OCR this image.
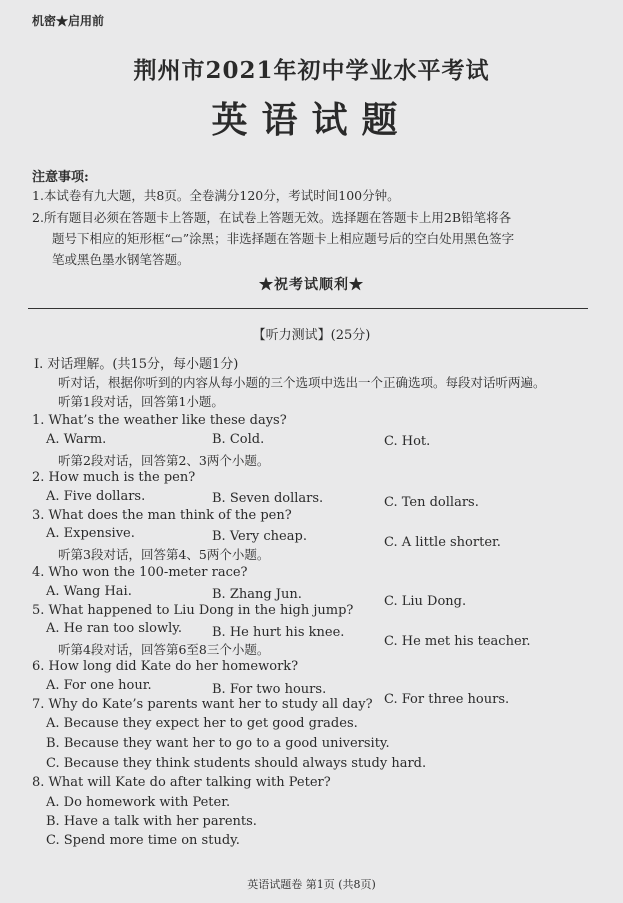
机密★启用前
荆州市2021年初中学业水平考试
英语试题
注意事项:
1.本试卷有九大题，共8页。全卷满分120分，考试时间100分钟。
2.所有题目必须在答题卡上答题，在试卷上答题无效。选择题在答题卡上用2B铅笔将各
题号下相应的矩形框“▭”涂黑；非选择题在答题卡上相应题号后的空白处用黑色签字
笔或黑色墨水钢笔答题。
★祝考试顺利★
【听力测试】(25分)
Ⅰ. 对话理解。(共15分，每小题1分)
听对话，根据你听到的内容从每小题的三个选项中选出一个正确选项。每段对话听两遍。
听第1段对话，回答第1小题。
1. What’s the weather like these days?
A. Warm.	B. Cold.	C. Hot.
听第2段对话，回答第2、3两个小题。
2. How much is the pen?
A. Five dollars.	B. Seven dollars.	C. Ten dollars.
3. What does the man think of the pen?
A. Expensive.	B. Very cheap.	C. A little shorter.
听第3段对话，回答第4、5两个小题。
4. Who won the 100-meter race?
A. Wang Hai.	B. Zhang Jun.	C. Liu Dong.
5. What happened to Liu Dong in the high jump?
A. He ran too slowly. B. He hurt his knee.
C. He met his teacher.
听第4段对话，回答第6至8三个小题。
6. How long did Kate do her homework?
A. For one hour.	B. For two hours.
C. For three hours.
7. Why do Kate’s parents want her to study all day?
A. Because they expect her to get good grades.
B. Because they want her to go to a good university.
C. Because they think students should always study hard.
8. What will Kate do after talking with Peter?
A. Do homework with Peter.
B. Have a talk with her parents.
C. Spend more time on study.
英语试题卷 第1页 (共8页)
